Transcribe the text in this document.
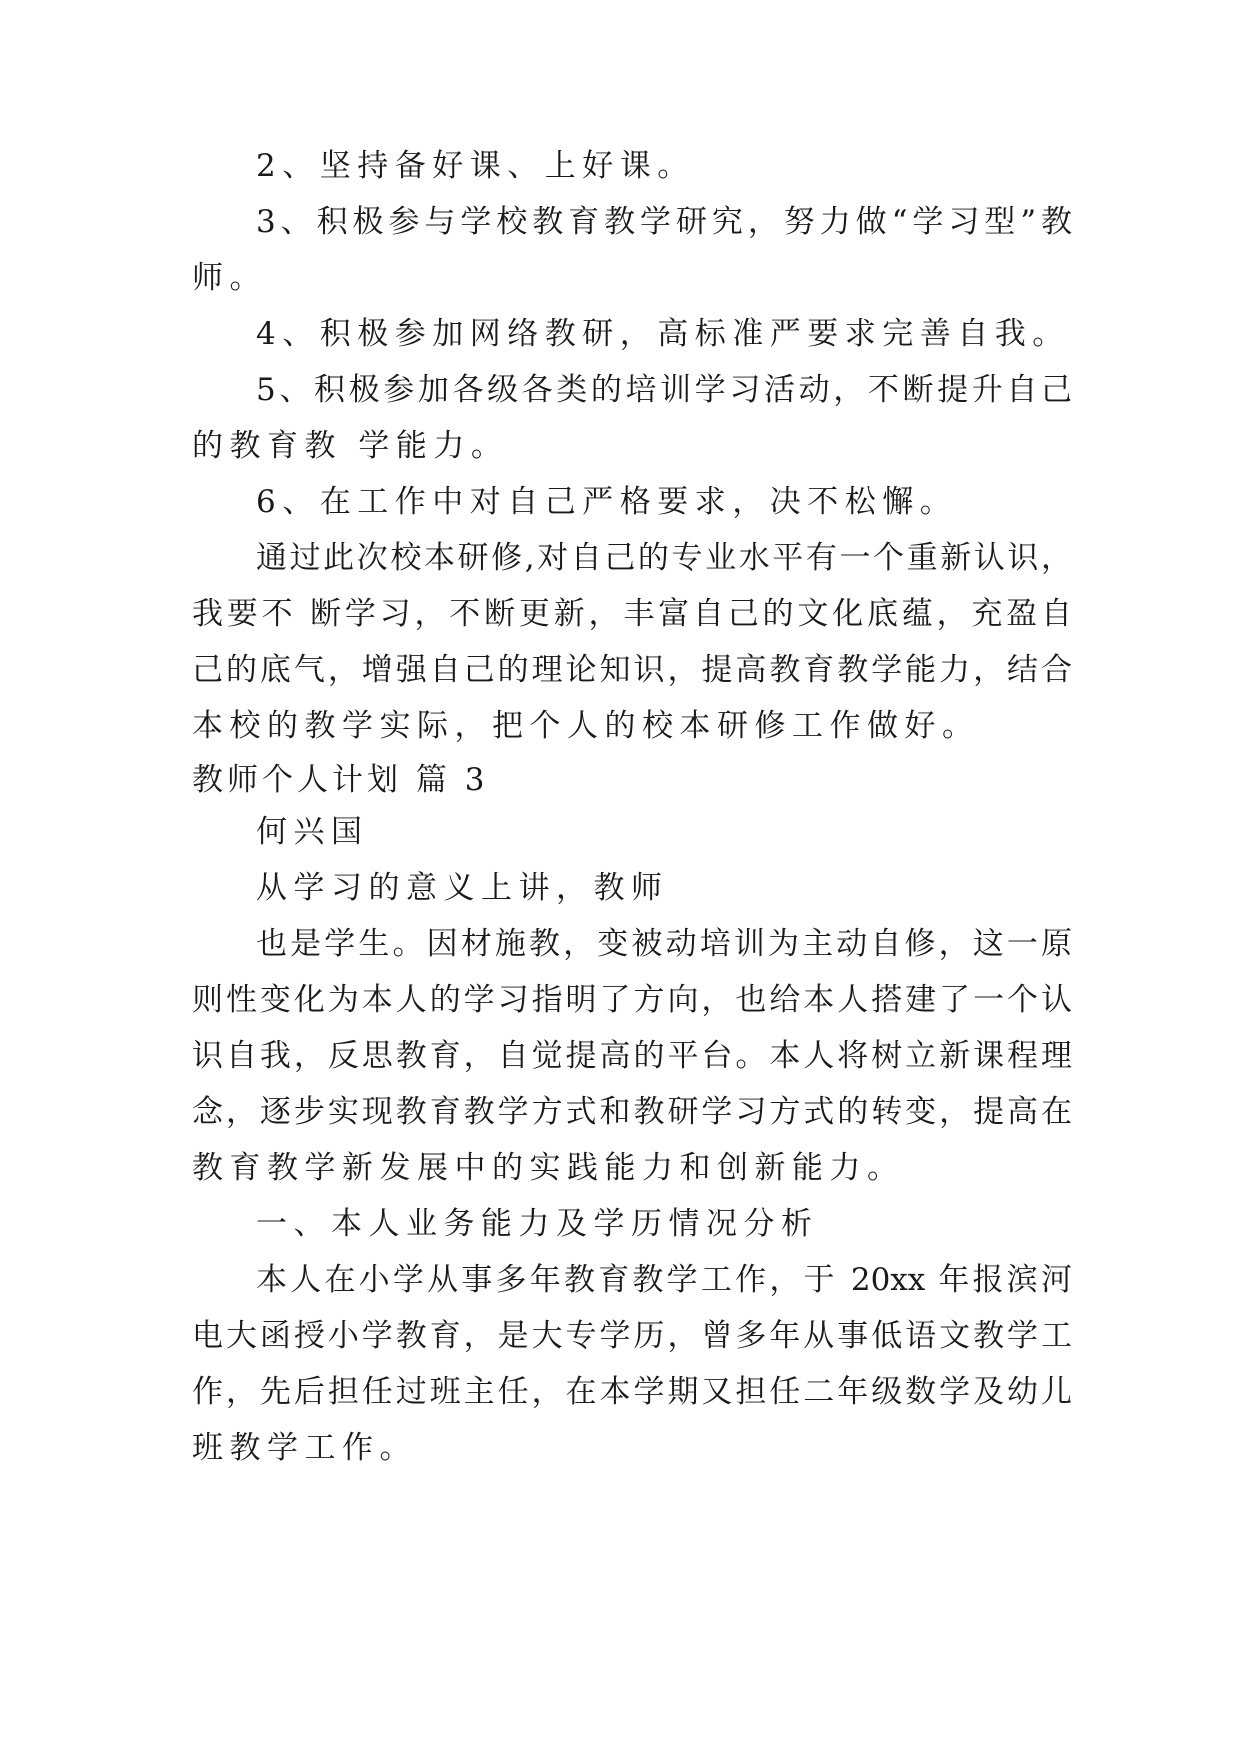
2、坚持备好课、上好课。
3、积极参与学校教育教学研究，努力做“学习型”教
师。
4、积极参加网络教研，高标准严要求完善自我。
5、积极参加各级各类的培训学习活动，不断提升自己
的教育教 学能力。
6、在工作中对自己严格要求，决不松懈。
通过此次校本研修,对自己的专业水平有一个重新认识，
我要不 断学习，不断更新，丰富自己的文化底蕴，充盈自
己的底气，增强自己的理论知识，提高教育教学能力，结合
本校的教学实际，把个人的校本研修工作做好。
教师个人计划 篇 3
何兴国
从学习的意义上讲，教师
也是学生。因材施教，变被动培训为主动自修，这一原
则性变化为本人的学习指明了方向，也给本人搭建了一个认
识自我，反思教育，自觉提高的平台。本人将树立新课程理
念，逐步实现教育教学方式和教研学习方式的转变，提高在
教育教学新发展中的实践能力和创新能力。
一、本人业务能力及学历情况分析
本人在小学从事多年教育教学工作，于 20xx 年报滨河
电大函授小学教育，是大专学历，曾多年从事低语文教学工
作，先后担任过班主任，在本学期又担任二年级数学及幼儿
班教学工作。
